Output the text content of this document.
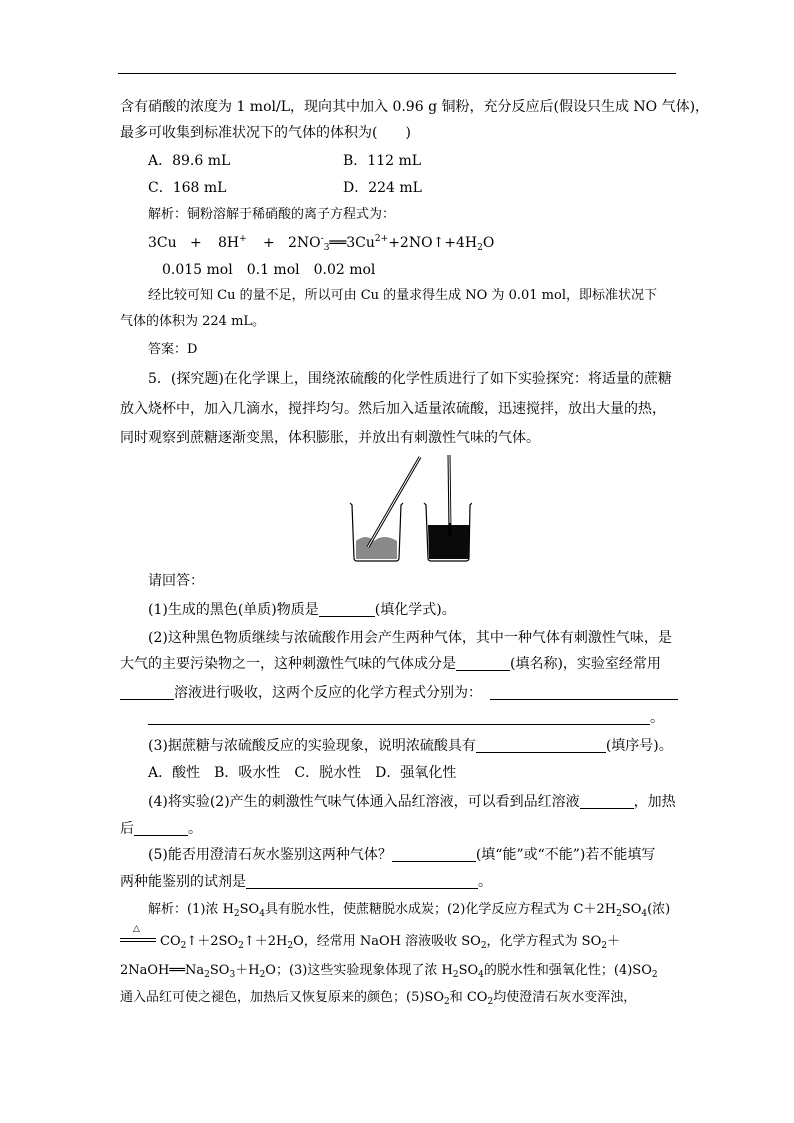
含有硝酸的浓度为 1 mol/L，现向其中加入 0.96 g 铜粉，充分反应后(假设只生成 NO 气体)，
最多可收集到标准状况下的气体的体积为(　　)
A．89.6 mL	B．112 mL
C．168 mL	D．224 mL
解析：铜粉溶解于稀硝酸的离子方程式为：
$3Cu + 8H^+ + 2NO^-_3══3Cu^{2+}+2NO↑+4H_2O$
0.015 mol　0.1 mol　0.02 mol
经比较可知 Cu 的量不足，所以可由 Cu 的量求得生成 NO 为 0.01 mol，即标准状况下
气体的体积为 224 mL。
答案：D
5．(探究题)在化学课上，围绕浓硫酸的化学性质进行了如下实验探究：将适量的蔗糖
放入烧杯中，加入几滴水，搅拌均匀。然后加入适量浓硫酸，迅速搅拌，放出大量的热，
同时观察到蔗糖逐渐变黑，体积膨胀，并放出有刺激性气味的气体。
请回答：
(1)生成的黑色(单质)物质是	(填化学式)。
(2)这种黑色物质继续与浓硫酸作用会产生两种气体，其中一种气体有刺激性气味，是
大气的主要污染物之一，这种刺激性气味的气体成分是	(填名称)，实验室经常用
溶液进行吸收，这两个反应的化学方程式分别为：
。
(3)据蔗糖与浓硫酸反应的实验现象，说明浓硫酸具有	(填序号)。
A．酸性　B．吸水性　C．脱水性　D．强氧化性
(4)将实验(2)产生的刺激性气味气体通入品红溶液，可以看到品红溶液	，加热
后	。
(5)能否用澄清石灰水鉴别这两种气体？	(填“能”或“不能”)若不能填写
两种能鉴别的试剂是	。
解析：(1)浓 $H_2SO_4$具有脱水性，使蔗糖脱水成炭；(2)化学反应方程式为 $C+2H_2SO_4$(浓)
△
$CO_2↑+2SO_2↑+2H_2O$，经常用 NaOH 溶液吸收 $SO_2$，化学方程式为 $SO_2+$
$2NaOH══Na_2SO_3+H_2O$；(3)这些实验现象体现了浓 $H_2SO_4$的脱水性和强氧化性；$(4)SO_2$
通入品红可使之褪色，加热后又恢复原来的颜色；$(5)SO_2$和 $CO_2$均使澄清石灰水变浑浊，
